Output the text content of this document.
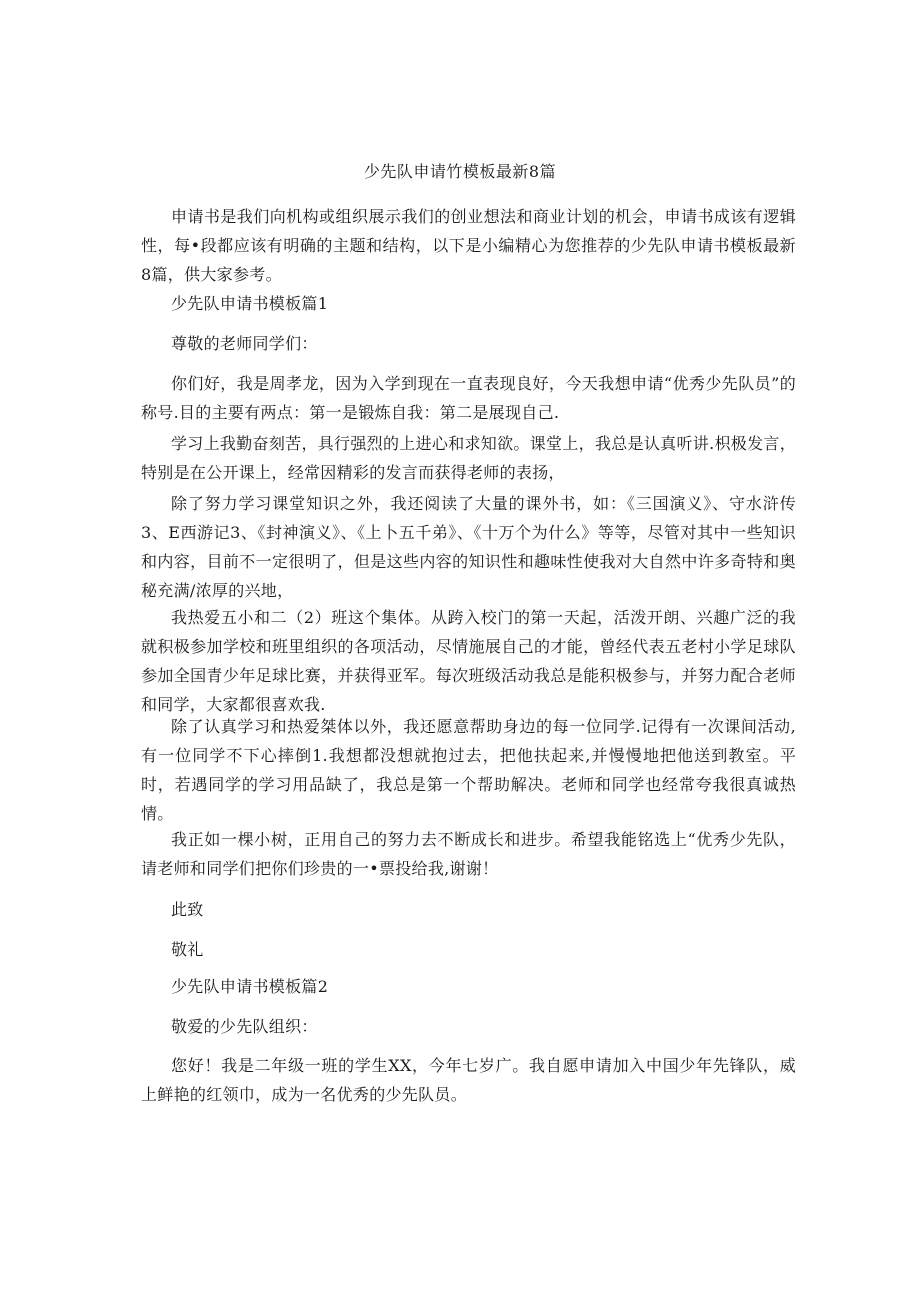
少先队申请竹模板最新8篇

申请书是我们向机构或组织展示我们的创业想法和商业计划的机会，申请书成该有逻辑性，每•段都应该有明确的主题和结构，以下是小编精心为您推荐的少先队申请书模板最新8篇，供大家参考。

少先队申请书模板篇1

尊敬的老师同学们：

你们好，我是周孝龙，因为入学到现在一直表现良好，今天我想申请“优秀少先队员”的称号.目的主要有两点：第一是锻炼自我：第二是展现自己.

学习上我勤奋刻苦，具行强烈的上进心和求知欲。课堂上，我总是认真听讲.枳极发言，特别是在公开课上，经常因精彩的发言而获得老师的表扬，

除了努力学习课堂知识之外，我还阅读了大量的课外书，如：《三国演义》、守水浒传3、E西游记3、《封神演义》、《上卜五千弟》、《十万个为什么》等等，尽管对其中一些知识和内容，目前不一定很明了，但是这些内容的知识性和趣味性使我对大自然中许多奇特和奥秘充满/浓厚的兴地，

我热爱五小和二（2）班这个集体。从跨入校门的第一天起，活泼开朗、兴趣广泛的我就积极参加学校和班里组织的各项活动，尽情施展自己的才能，曾经代表五老村小学足球队参加全国青少年足球比赛，并获得亚军。每次班级活动我总是能积极参与，并努力配合老师和同学，大家都很喜欢我.

除了认真学习和热爱桀体以外，我还愿意帮助身边的每一位同学.记得有一次课间活动,有一位同学不下心摔倒1.我想都没想就抱过去，把他扶起来,并慢慢地把他送到教室。平时，若遇同学的学习用品缺了，我总是第一个帮助解决。老师和同学也经常夸我很真诚热情。

我正如一棵小树，正用自己的努力去不断成长和进步。希望我能铭选上“优秀少先队，请老师和同学们把你们珍贵的一•票投给我,谢谢！

此致

敬礼

少先队申请书模板篇2

敬爱的少先队组织：

您好！我是二年级一班的学生XX，今年七岁广。我自愿申请加入中国少年先锋队，威上鲜艳的红领巾，成为一名优秀的少先队员。
